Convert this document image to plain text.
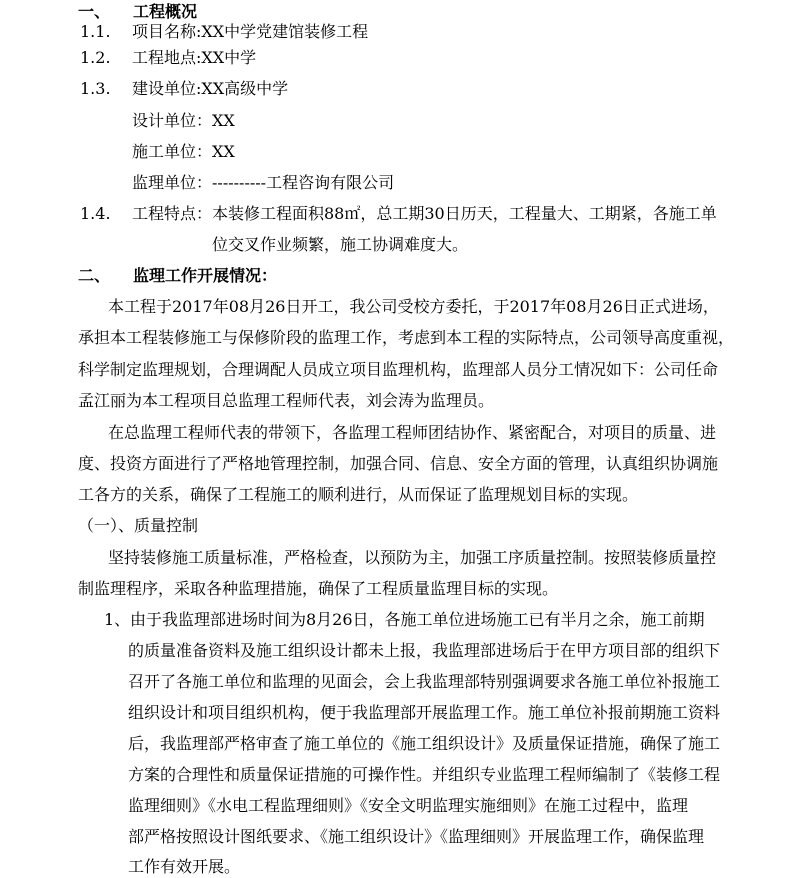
一、 工程概况
1.1. 项目名称:XX中学党建馆装修工程
1.2. 工程地点:XX中学
1.3. 建设单位:XX高级中学
设计单位：XX
施工单位：XX
监理单位：----------工程咨询有限公司
1.4. 工程特点：本装修工程面积88㎡，总工期30日历天，工程量大、工期紧，各施工单
位交叉作业频繁，施工协调难度大。
二、 监理工作开展情况：
本工程于2017年08月26日开工，我公司受校方委托，于2017年08月26日正式进场，
承担本工程装修施工与保修阶段的监理工作，考虑到本工程的实际特点，公司领导高度重视，
科学制定监理规划，合理调配人员成立项目监理机构，监理部人员分工情况如下：公司任命
孟江丽为本工程项目总监理工程师代表，刘会涛为监理员。
在总监理工程师代表的带领下，各监理工程师团结协作、紧密配合，对项目的质量、进
度、投资方面进行了严格地管理控制，加强合同、信息、安全方面的管理，认真组织协调施
工各方的关系，确保了工程施工的顺利进行，从而保证了监理规划目标的实现。
（一）、质量控制
坚持装修施工质量标准，严格检查，以预防为主，加强工序质量控制。按照装修质量控
制监理程序，采取各种监理措施，确保了工程质量监理目标的实现。
1、 由于我监理部进场时间为8月26日，各施工单位进场施工已有半月之余，施工前期
的质量准备资料及施工组织设计都未上报，我监理部进场后于在甲方项目部的组织下
召开了各施工单位和监理的见面会，会上我监理部特别强调要求各施工单位补报施工
组织设计和项目组织机构，便于我监理部开展监理工作。施工单位补报前期施工资料
后，我监理部严格审查了施工单位的《施工组织设计》及质量保证措施，确保了施工
方案的合理性和质量保证措施的可操作性。并组织专业监理工程师编制了《装修工程
监理细则》《水电工程监理细则》《安全文明监理实施细则》在施工过程中，监理
部严格按照设计图纸要求、《施工组织设计》《监理细则》开展监理工作，确保监理
工作有效开展。
